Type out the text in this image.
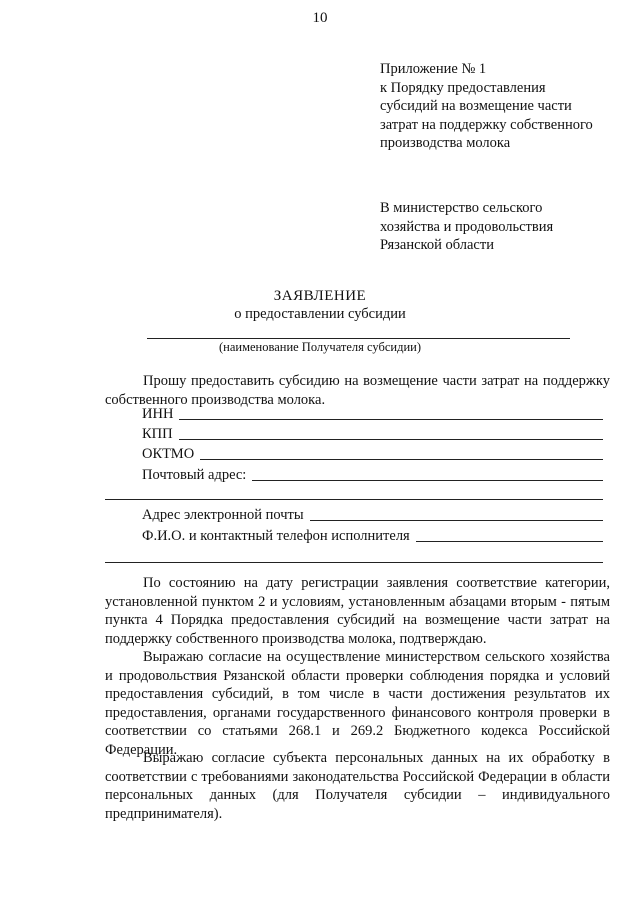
10
Приложение № 1
к Порядку предоставления
субсидий на возмещение части
затрат на поддержку собственного
производства молока
В министерство сельского
хозяйства и продовольствия
Рязанской области
ЗАЯВЛЕНИЕ
о предоставлении субсидии
(наименование Получателя субсидии)
Прошу предоставить субсидию на возмещение части затрат на поддержку собственного производства молока.
ИНН
КПП
ОКТМО
Почтовый адрес:
Адрес электронной почты
Ф.И.О. и контактный телефон исполнителя
По состоянию на дату регистрации заявления соответствие категории, установленной пунктом 2 и условиям, установленным абзацами вторым - пятым пункта 4 Порядка предоставления субсидий на возмещение части затрат на поддержку собственного производства молока, подтверждаю.
Выражаю согласие на осуществление министерством сельского хозяйства и продовольствия Рязанской области проверки соблюдения порядка и условий предоставления субсидий, в том числе в части достижения результатов их предоставления, органами государственного финансового контроля проверки в соответствии со статьями 268.1 и 269.2 Бюджетного кодекса Российской Федерации.
Выражаю согласие субъекта персональных данных на их обработку в соответствии с требованиями законодательства Российской Федерации в области персональных данных (для Получателя субсидии – индивидуального предпринимателя).
